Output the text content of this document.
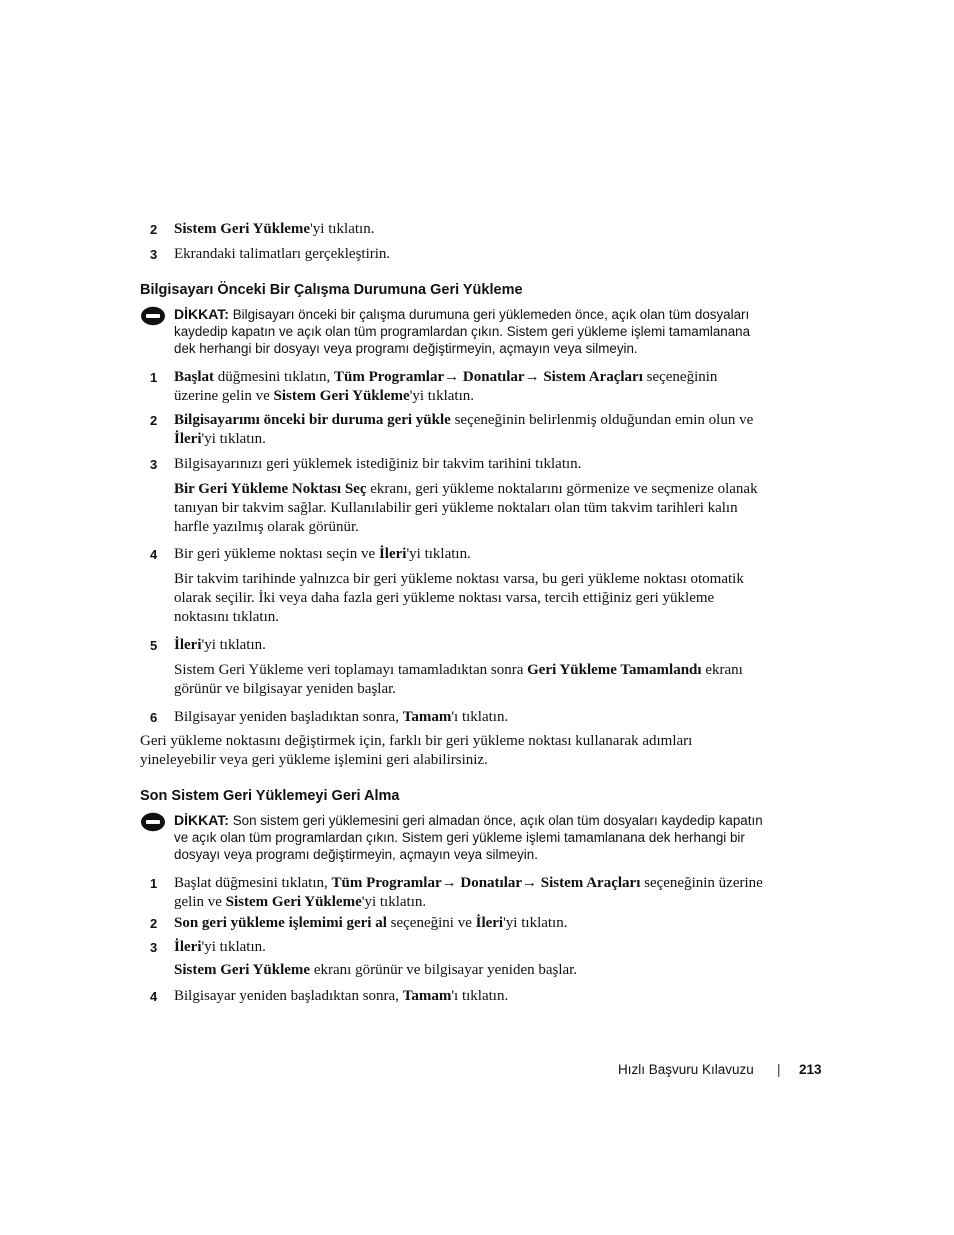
2 Sistem Geri Yükleme'yi tıklatın.
3 Ekrandaki talimatları gerçekleştirin.
Bilgisayarı Önceki Bir Çalışma Durumuna Geri Yükleme
DİKKAT: Bilgisayarı önceki bir çalışma durumuna geri yüklemeden önce, açık olan tüm dosyaları kaydedip kapatın ve açık olan tüm programlardan çıkın. Sistem geri yükleme işlemi tamamlanana dek herhangi bir dosyayı veya programı değiştirmeyin, açmayın veya silmeyin.
1 Başlat düğmesini tıklatın, Tüm Programlar→ Donatılar→ Sistem Araçları seçeneğinin üzerine gelin ve Sistem Geri Yükleme'yi tıklatın.
2 Bilgisayarımı önceki bir duruma geri yükle seçeneğinin belirlenmiş olduğundan emin olun ve İleri'yi tıklatın.
3 Bilgisayarınızı geri yüklemek istediğiniz bir takvim tarihini tıklatın.
Bir Geri Yükleme Noktası Seç ekranı, geri yükleme noktalarını görmenize ve seçmenize olanak tanıyan bir takvim sağlar. Kullanılabilir geri yükleme noktaları olan tüm takvim tarihleri kalın harfle yazılmış olarak görünür.
4 Bir geri yükleme noktası seçin ve İleri'yi tıklatın.
Bir takvim tarihinde yalnızca bir geri yükleme noktası varsa, bu geri yükleme noktası otomatik olarak seçilir. İki veya daha fazla geri yükleme noktası varsa, tercih ettiğiniz geri yükleme noktasını tıklatın.
5 İleri'yi tıklatın.
Sistem Geri Yükleme veri toplamayı tamamladıktan sonra Geri Yükleme Tamamlandı ekranı görünür ve bilgisayar yeniden başlar.
6 Bilgisayar yeniden başladıktan sonra, Tamam'ı tıklatın.
Geri yükleme noktasını değiştirmek için, farklı bir geri yükleme noktası kullanarak adımları yineleyebilir veya geri yükleme işlemini geri alabilirsiniz.
Son Sistem Geri Yüklemeyi Geri Alma
DİKKAT: Son sistem geri yüklemesini geri almadan önce, açık olan tüm dosyaları kaydedip kapatın ve açık olan tüm programlardan çıkın. Sistem geri yükleme işlemi tamamlanana dek herhangi bir dosyayı veya programı değiştirmeyin, açmayın veya silmeyin.
1 Başlat düğmesini tıklatın, Tüm Programlar→ Donatılar→ Sistem Araçları seçeneğinin üzerine gelin ve Sistem Geri Yükleme'yi tıklatın.
2 Son geri yükleme işlemimi geri al seçeneğini ve İleri'yi tıklatın.
3 İleri'yi tıklatın.
Sistem Geri Yükleme ekranı görünür ve bilgisayar yeniden başlar.
4 Bilgisayar yeniden başladıktan sonra, Tamam'ı tıklatın.
Hızlı Başvuru Kılavuzu | 213
